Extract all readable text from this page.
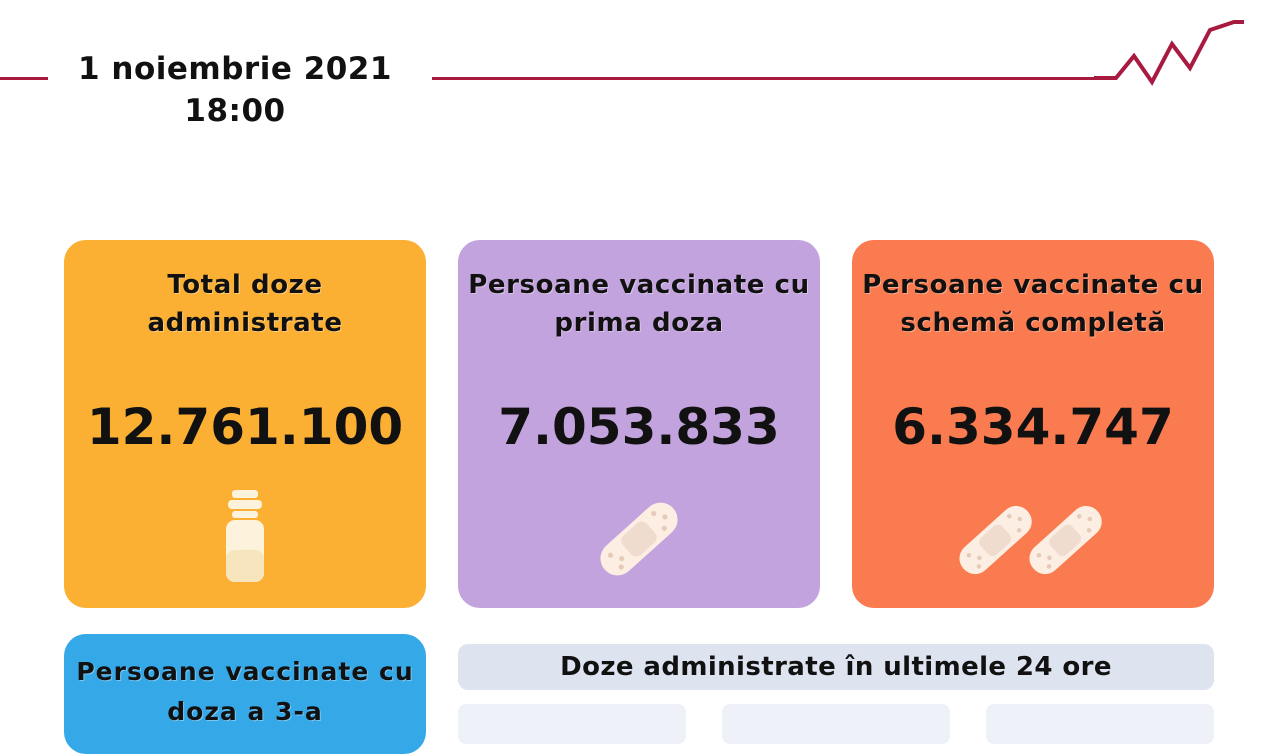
1 noiembrie 2021
18:00
Total doze administrate
12.761.100
Persoane vaccinate cu prima doza
7.053.833
Persoane vaccinate cu schemă completă
6.334.747
Persoane vaccinate cu doza a 3-a
Doze administrate în ultimele 24 ore
